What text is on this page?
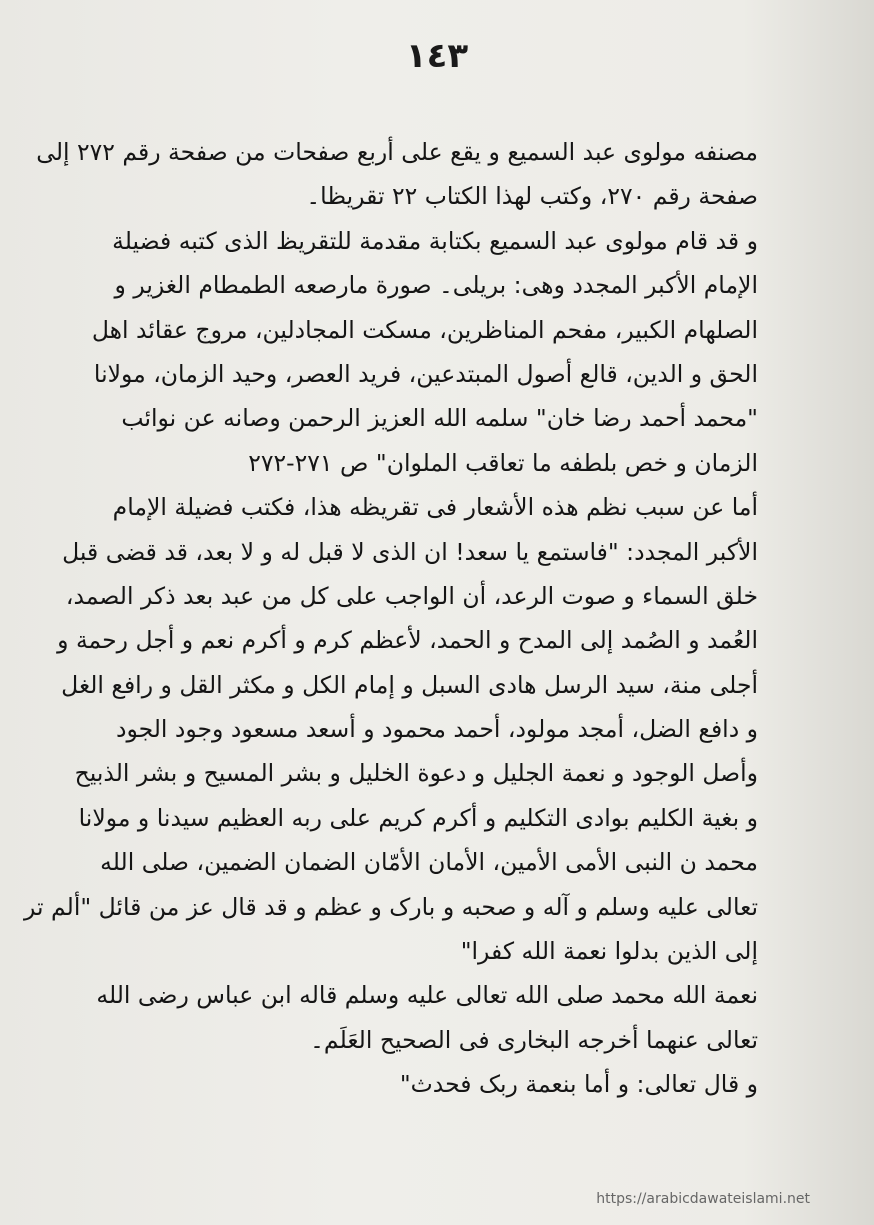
١٤٣
مصنفه مولوی عبد السمیع و یقع علی أربع صفحات من صفحة رقم ٢٧٢ إلی
صفحة رقم ٢٧٠، وکتب لهذا الکتاب ٢٢ تقریظا۔
و قد قام مولوی عبد السمیع بکتابة مقدمة للتقریظ الذی کتبه فضیلة
الإمام الأکبر المجدد وهی: بریلی۔ صورة مارصعه الطمطام الغزیر و
الصلهام الکبیر، مفحم المناظرین، مسکت المجادلین، مروج عقائد اهل
الحق و الدین، قالع أصول المبتدعین، فرید العصر، وحید الزمان، مولانا
"محمد أحمد رضا خان" سلمه الله العزیز الرحمن وصانه عن نوائب
الزمان و خص بلطفه ما تعاقب الملوان" ص ٢٧١-٢٧٢
أما عن سبب نظم هذه الأشعار فی تقریظه هذا، فکتب فضیلة الإمام
الأکبر المجدد: "فاستمع یا سعد! ان الذی لا قبل له و لا بعد، قد قضی قبل
خلق السماء و صوت الرعد، أن الواجب علی کل من عبد بعد ذکر الصمد،
العُمد و الصُمد إلی المدح و الحمد، لأعظم کرم و أکرم نعم و أجل رحمة و
أجلی منة، سید الرسل هادی السبل و إمام الکل و مکثر القل و رافع الغل
و دافع الضل، أمجد مولود، أحمد محمود و أسعد مسعود وجود الجود
وأصل الوجود و نعمة الجلیل و دعوة الخلیل و بشر المسیح و بشر الذبیح
و بغیة الکلیم بوادی التکلیم و أکرم کریم علی ربه العظیم سیدنا و مولانا
محمد ن النبی الأمی الأمین، الأمان الأمّان الضمان الضمین، صلی الله
تعالی علیه وسلم و آله و صحبه و بارک و عظم و قد قال عز من قائل "ألم تر
إلی الذین بدلوا نعمة الله کفرا"
نعمة الله محمد صلی الله تعالی علیه وسلم قاله ابن عباس رضی الله
تعالی عنهما أخرجه البخاری فی الصحیح العَلَم۔
و قال تعالی: و أما بنعمة ربک فحدث"
https://arabicdawateislami.net
